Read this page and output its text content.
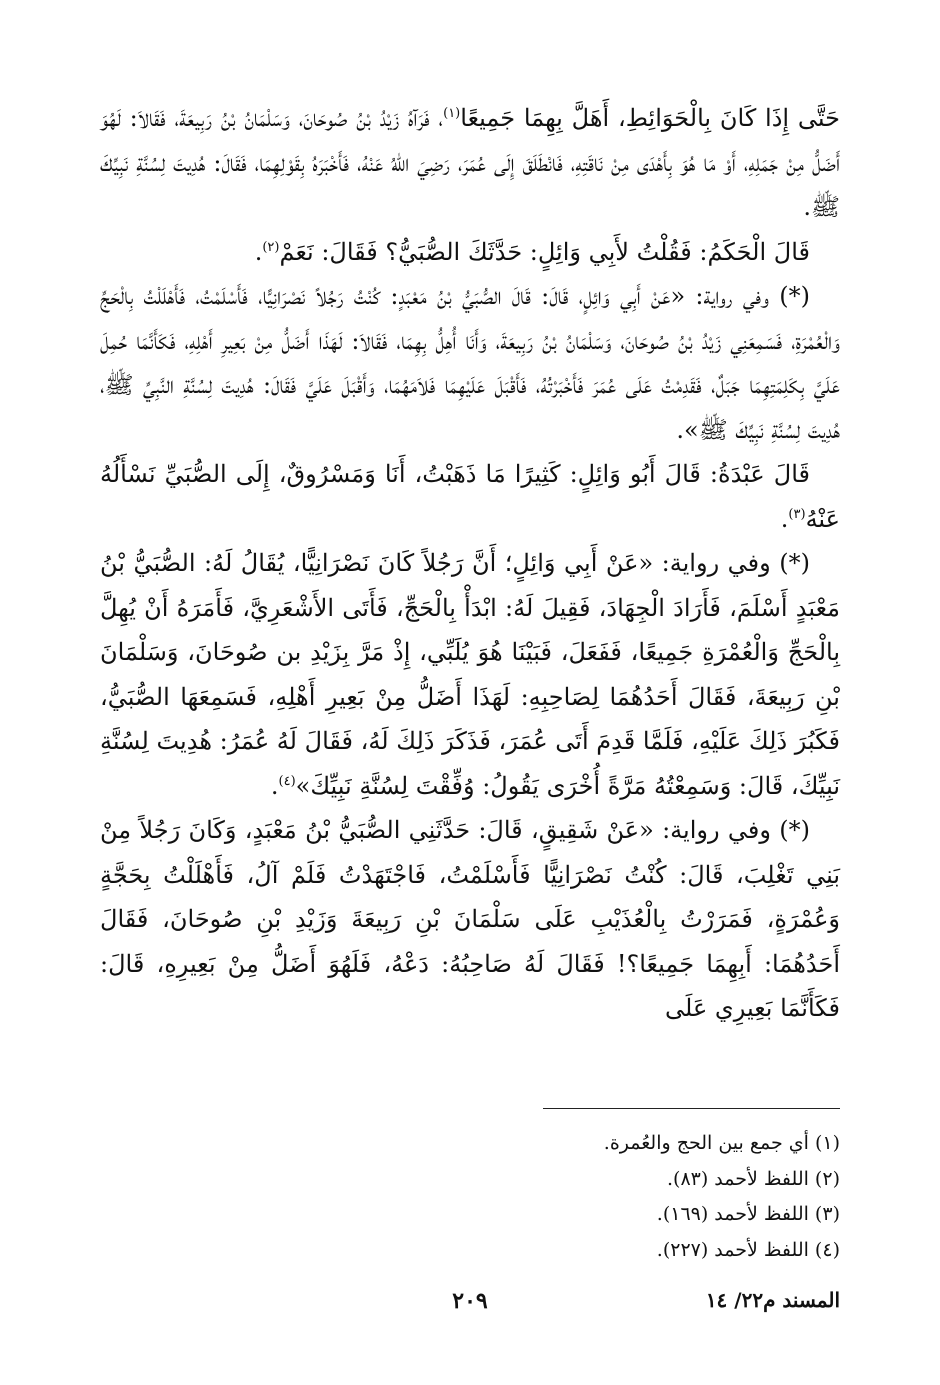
حَتَّى إِذَا كَانَ بِالْحَوَائِطِ، أَهَلَّ بِهِمَا جَمِيعًا$^{(١)}$، فَرَآهُ زَيْدُ بْنُ صُوحَانَ، وَسَلْمَانُ بْنُ رَبِيعَةَ، فَقَالاَ: لَهُوَ أَضَلُّ مِنْ جَمَلِهِ، أَوْ مَا هُوَ بِأَهْدَى مِنْ نَاقَتِهِ، فَانْطَلَقَ إِلَى عُمَرَ، رَضِيَ اللهُ عَنْهُ، فَأَخْبَرَهُ بِقَوْلِهِمَا، فَقَالَ: هُدِيتَ لِسُنَّةِ نَبِيِّكَ ﷺ.

قَالَ الْحَكَمُ: فَقُلْتُ لأَبِي وَائِلٍ: حَدَّثَكَ الصُّبَيُّ؟ فَقَالَ: نَعَمْ$^{(٢)}$.

(*) وفي رواية: «عَنْ أَبِي وَائِلٍ، قَالَ: قَالَ الصُّبَيُّ بْنُ مَعْبَدٍ: كُنْتُ رَجُلاً نَصْرَانِيًّا، فَأَسْلَمْتُ، فَأَهْلَلْتُ بِالْحَجِّ وَالْعُمْرَةِ، فَسَمِعَنِي زَيْدُ بْنُ صُوحَانَ، وَسَلْمَانُ بْنُ رَبِيعَةَ، وَأَنَا أُهِلُّ بِهِمَا، فَقَالاَ: لَهَذَا أَضَلُّ مِنْ بَعِيرِ أَهْلِهِ، فَكَأَنَّمَا حُمِلَ عَلَيَّ بِكَلِمَتِهِمَا جَبَلٌ، فَقَدِمْتُ عَلَى عُمَرَ فَأَخْبَرْتُهُ، فَأَقْبَلَ عَلَيْهِمَا فَلاَمَهُمَا، وَأَقْبَلَ عَلَيَّ فَقَالَ: هُدِيتَ لِسُنَّةِ النَّبِيِّ ﷺ، هُدِيتَ لِسُنَّةِ نَبِيِّكَ ﷺ».

قَالَ عَبْدَةُ: قَالَ أَبُو وَائِلٍ: كَثِيرًا مَا ذَهَبْتُ، أَنَا وَمَسْرُوقٌ، إِلَى الصُّبَيِّ نَسْأَلُهُ عَنْهُ$^{(٣)}$.

(*) وفي رواية: «عَنْ أَبِي وَائِلٍ؛ أَنَّ رَجُلاً كَانَ نَصْرَانِيًّا، يُقَالُ لَهُ: الصُّبَيُّ بْنُ مَعْبَدٍ أَسْلَمَ، فَأَرَادَ الْجِهَادَ، فَقِيلَ لَهُ: ابْدَأْ بِالْحَجِّ، فَأَتَى الأَشْعَرِيَّ، فَأَمَرَهُ أَنْ يُهِلَّ بِالْحَجِّ وَالْعُمْرَةِ جَمِيعًا، فَفَعَلَ، فَبَيْنَا هُوَ يُلَبِّي، إِذْ مَرَّ بِزَيْدِ بن صُوحَانَ، وَسَلْمَانَ بْنِ رَبِيعَةَ، فَقَالَ أَحَدُهُمَا لِصَاحِبِهِ: لَهَذَا أَضَلُّ مِنْ بَعِيرِ أَهْلِهِ، فَسَمِعَهَا الصُّبَيُّ، فَكَبُرَ ذَلِكَ عَلَيْهِ، فَلَمَّا قَدِمَ أَتَى عُمَرَ، فَذَكَرَ ذَلِكَ لَهُ، فَقَالَ لَهُ عُمَرُ: هُدِيتَ لِسُنَّةِ نَبِيِّكَ، قَالَ: وَسَمِعْتُهُ مَرَّةً أُخْرَى يَقُولُ: وُفِّقْتَ لِسُنَّةِ نَبِيِّكَ»$^{(٤)}$.

(*) وفي رواية: «عَنْ شَقِيقٍ، قَالَ: حَدَّثَنِي الصُّبَيُّ بْنُ مَعْبَدٍ، وَكَانَ رَجُلاً مِنْ بَنِي تَغْلِبَ، قَالَ: كُنْتُ نَصْرَانِيًّا فَأَسْلَمْتُ، فَاجْتَهَدْتُ فَلَمْ آلُ، فَأَهْلَلْتُ بِحَجَّةٍ وَعُمْرَةٍ، فَمَرَرْتُ بِالْعُذَيْبِ عَلَى سَلْمَانَ بْنِ رَبِيعَةَ وَزَيْدِ بْنِ صُوحَانَ، فَقَالَ أَحَدُهُمَا: أَبِهِمَا جَمِيعًا؟! فَقَالَ لَهُ صَاحِبُهُ: دَعْهُ، فَلَهُوَ أَضَلُّ مِنْ بَعِيرِهِ، قَالَ: فَكَأَنَّمَا بَعِيرِي عَلَى

(١) أي جمع بين الحج والعُمرة.

(٢) اللفظ لأحمد (٨٣).

(٣) اللفظ لأحمد (١٦٩).

(٤) اللفظ لأحمد (٢٢٧).

المسند م٢٢/ ١٤
٢٠٩
